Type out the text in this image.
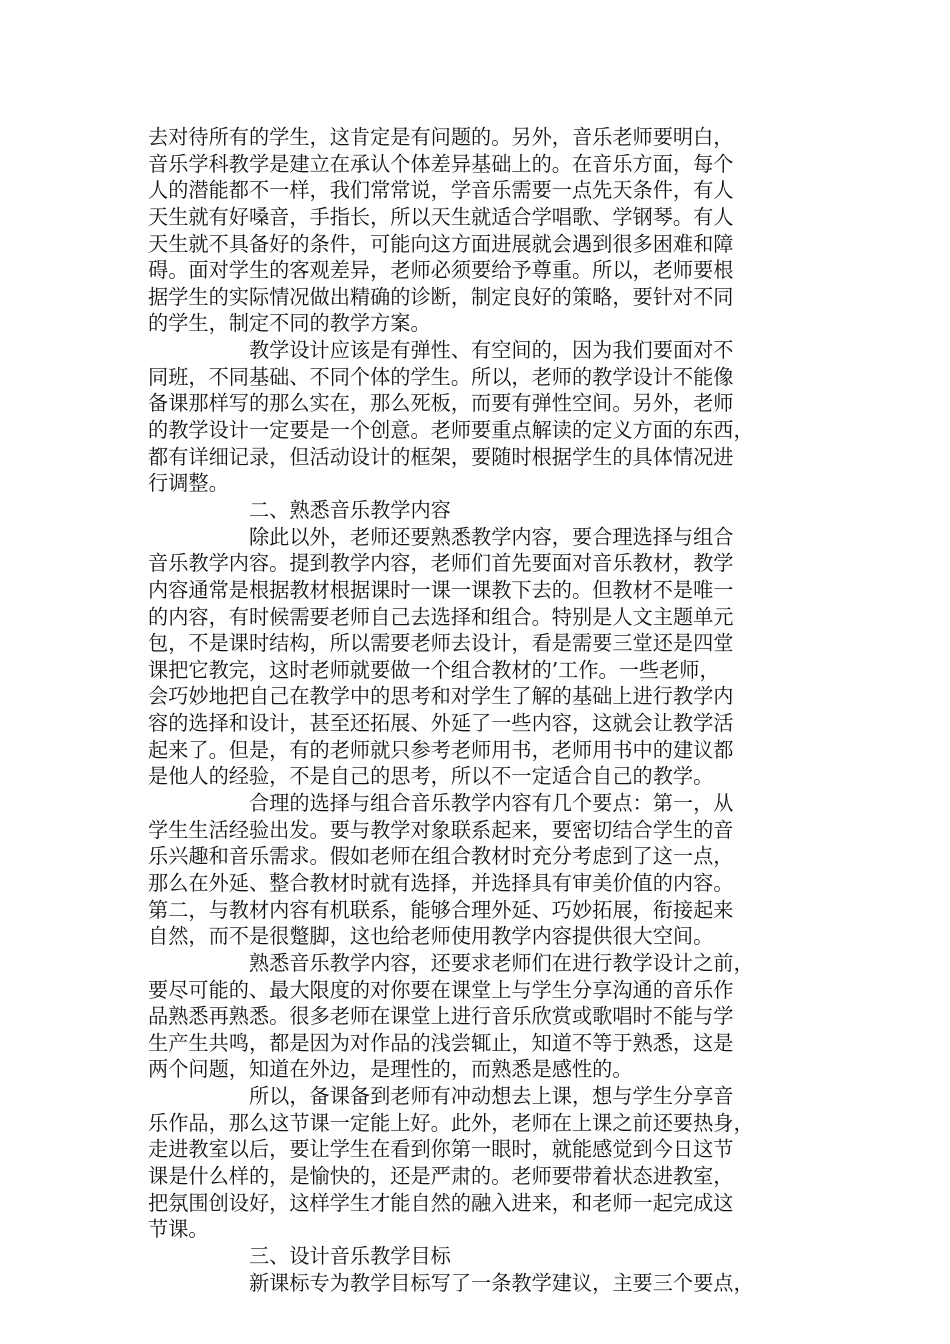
去对待所有的学生，这肯定是有问题的。另外，音乐老师要明白，
音乐学科教学是建立在承认个体差异基础上的。在音乐方面，每个
人的潜能都不一样，我们常常说，学音乐需要一点先天条件，有人
天生就有好嗓音，手指长，所以天生就适合学唱歌、学钢琴。有人
天生就不具备好的条件，可能向这方面进展就会遇到很多困难和障
碍。面对学生的客观差异，老师必须要给予尊重。所以，老师要根
据学生的实际情况做出精确的诊断，制定良好的策略，要针对不同
的学生，制定不同的教学方案。
　　　　　教学设计应该是有弹性、有空间的，因为我们要面对不
同班，不同基础、不同个体的学生。所以，老师的教学设计不能像
备课那样写的那么实在，那么死板，而要有弹性空间。另外，老师
的教学设计一定要是一个创意。老师要重点解读的定义方面的东西，
都有详细记录，但活动设计的框架，要随时根据学生的具体情况进
行调整。
　　　　　二、熟悉音乐教学内容
　　　　　除此以外，老师还要熟悉教学内容，要合理选择与组合
音乐教学内容。提到教学内容，老师们首先要面对音乐教材，教学
内容通常是根据教材根据课时一课一课教下去的。但教材不是唯一
的内容，有时候需要老师自己去选择和组合。特别是人文主题单元
包，不是课时结构，所以需要老师去设计，看是需要三堂还是四堂
课把它教完，这时老师就要做一个组合教材的’工作。一些老师，
会巧妙地把自己在教学中的思考和对学生了解的基础上进行教学内
容的选择和设计，甚至还拓展、外延了一些内容，这就会让教学活
起来了。但是，有的老师就只参考老师用书，老师用书中的建议都
是他人的经验，不是自己的思考，所以不一定适合自己的教学。
　　　　　合理的选择与组合音乐教学内容有几个要点：第一，从
学生生活经验出发。要与教学对象联系起来，要密切结合学生的音
乐兴趣和音乐需求。假如老师在组合教材时充分考虑到了这一点，
那么在外延、整合教材时就有选择，并选择具有审美价值的内容。
第二，与教材内容有机联系，能够合理外延、巧妙拓展，衔接起来
自然，而不是很蹩脚，这也给老师使用教学内容提供很大空间。
　　　　　熟悉音乐教学内容，还要求老师们在进行教学设计之前，
要尽可能的、最大限度的对你要在课堂上与学生分享沟通的音乐作
品熟悉再熟悉。很多老师在课堂上进行音乐欣赏或歌唱时不能与学
生产生共鸣，都是因为对作品的浅尝辄止，知道不等于熟悉，这是
两个问题，知道在外边，是理性的，而熟悉是感性的。
　　　　　所以，备课备到老师有冲动想去上课，想与学生分享音
乐作品，那么这节课一定能上好。此外，老师在上课之前还要热身，
走进教室以后，要让学生在看到你第一眼时，就能感觉到今日这节
课是什么样的，是愉快的，还是严肃的。老师要带着状态进教室，
把氛围创设好，这样学生才能自然的融入进来，和老师一起完成这
节课。
　　　　　三、设计音乐教学目标
　　　　　新课标专为教学目标写了一条教学建议，主要三个要点，
